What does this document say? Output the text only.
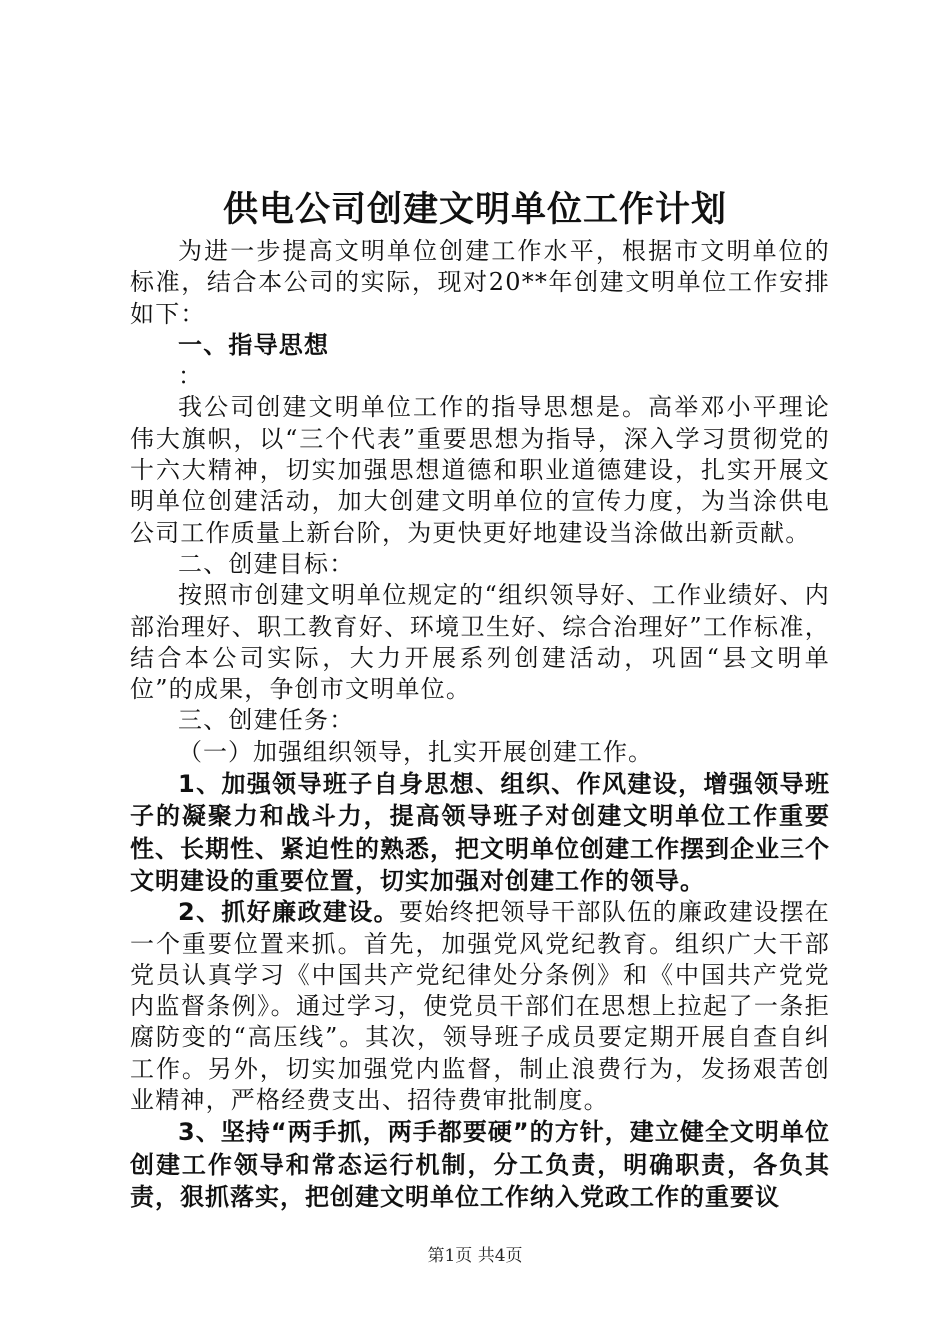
供电公司创建文明单位工作计划

为进一步提高文明单位创建工作水平，根据市文明单位的标准，结合本公司的实际，现对20**年创建文明单位工作安排如下：

一、指导思想

：

我公司创建文明单位工作的指导思想是。高举邓小平理论伟大旗帜，以“三个代表”重要思想为指导，深入学习贯彻党的十六大精神，切实加强思想道德和职业道德建设，扎实开展文明单位创建活动，加大创建文明单位的宣传力度，为当涂供电公司工作质量上新台阶，为更快更好地建设当涂做出新贡献。

二、创建目标：

按照市创建文明单位规定的“组织领导好、工作业绩好、内部治理好、职工教育好、环境卫生好、综合治理好”工作标准，结合本公司实际，大力开展系列创建活动，巩固“县文明单位”的成果，争创市文明单位。

三、创建任务：

（一）加强组织领导，扎实开展创建工作。

1、加强领导班子自身思想、组织、作风建设，增强领导班子的凝聚力和战斗力，提高领导班子对创建文明单位工作重要性、长期性、紧迫性的熟悉，把文明单位创建工作摆到企业三个文明建设的重要位置，切实加强对创建工作的领导。

2、抓好廉政建设。要始终把领导干部队伍的廉政建设摆在一个重要位置来抓。首先，加强党风党纪教育。组织广大干部党员认真学习《中国共产党纪律处分条例》和《中国共产党党内监督条例》。通过学习，使党员干部们在思想上拉起了一条拒腐防变的“高压线”。其次，领导班子成员要定期开展自查自纠工作。另外，切实加强党内监督，制止浪费行为，发扬艰苦创业精神，严格经费支出、招待费审批制度。

3、坚持“两手抓，两手都要硬”的方针，建立健全文明单位创建工作领导和常态运行机制，分工负责，明确职责，各负其责，狠抓落实，把创建文明单位工作纳入党政工作的重要议

第1页 共4页
